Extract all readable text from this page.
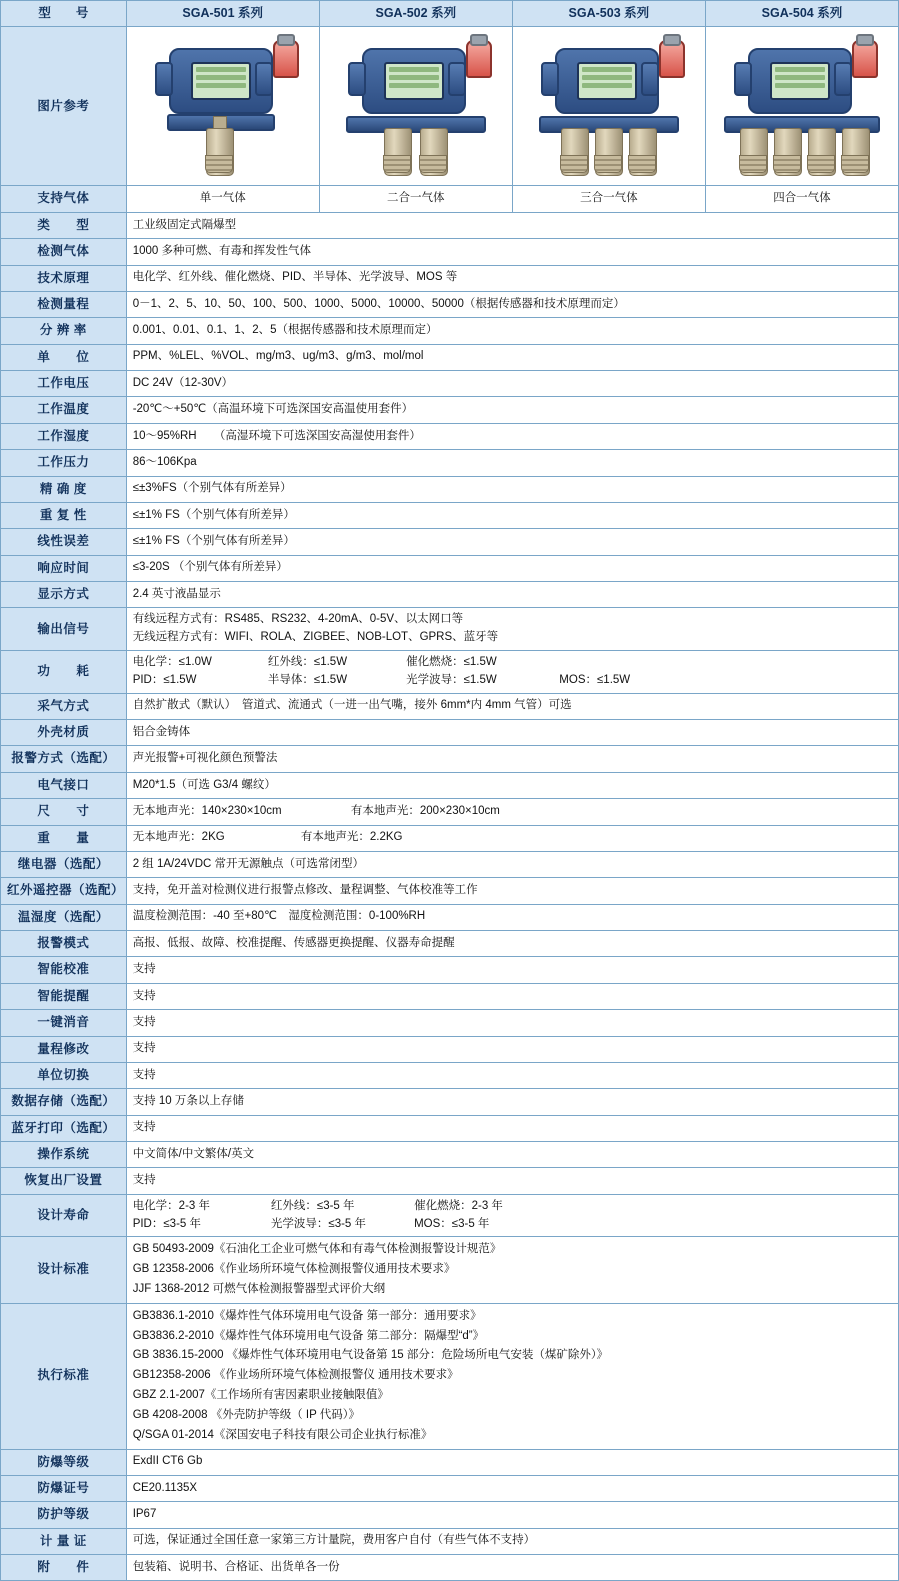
型　　号	SGA-501 系列	SGA-502 系列	SGA-503 系列	SGA-504 系列
图片参考	

支持气体	单一气体	二合一气体	三合一气体	四合一气体
类　　型	工业级固定式隔爆型			
检测气体	1000 多种可燃、有毒和挥发性气体			
技术原理	电化学、红外线、催化燃烧、PID、半导体、光学波导、MOS 等			
检测量程	0－1、2、5、10、50、100、500、1000、5000、10000、50000（根据传感器和技术原理而定）			
分 辨 率	0.001、0.01、0.1、1、2、5（根据传感器和技术原理而定）			
单　　位	PPM、%LEL、%VOL、mg/m3、ug/m3、g/m3、mol/mol			
工作电压	DC 24V（12-30V）			
工作温度	-20℃～+50℃（高温环境下可选深国安高温使用套件）			
工作湿度	10～95%RH　　（高湿环境下可选深国安高湿使用套件）			
工作压力	86～106Kpa			
精 确 度	≤±3%FS（个别气体有所差异）			
重 复 性	≤±1% FS（个别气体有所差异）			
线性误差	≤±1% FS（个别气体有所差异）			
响应时间	≤3-20S （个别气体有所差异）			
显示方式	2.4 英寸液晶显示			
输出信号	有线远程方式有：RS485、RS232、4-20mA、0-5V、以太网口等
无线远程方式有：WIFI、ROLA、ZIGBEE、NOB-LOT、GPRS、蓝牙等			

功　　耗	电化学：≤1.0W 红外线：≤1.5W 催化燃烧：≤1.5W
PID：≤1.5W 半导体：≤1.5W 光学波导：≤1.5W MOS：≤1.5W			

采气方式	自然扩散式（默认）　管道式、流通式（一进一出气嘴，接外 6mm*内 4mm 气管）可选			
外壳材质	铝合金铸体			
报警方式（选配）	声光报警+可视化颜色预警法			
电气接口	M20*1.5（可选 G3/4 螺纹）			
尺　　寸	无本地声光：140×230×10cm 有本地声光：200×230×10cm			
重　　量	无本地声光：2KG 有本地声光：2.2KG			
继电器（选配）	2 组 1A/24VDC 常开无源触点（可选常闭型）			
红外遥控器（选配）	支持，免开盖对检测仪进行报警点修改、量程调整、气体校准等工作			
温湿度（选配）	温度检测范围：-40 至+80℃　湿度检测范围：0-100%RH			
报警模式	高报、低报、故障、校准提醒、传感器更换提醒、仪器寿命提醒			
智能校准	支持			
智能提醒	支持			
一键消音	支持			
量程修改	支持			
单位切换	支持			
数据存储（选配）	支持 10 万条以上存储			
蓝牙打印（选配）	支持			
操作系统	中文简体/中文繁体/英文			
恢复出厂设置	支持			
设计寿命	电化学：2-3 年 红外线：≤3-5 年 催化燃烧：2-3 年
PID：≤3-5 年 光学波导：≤3-5 年 MOS：≤3-5 年			

设计标准	GB 50493-2009《石油化工企业可燃气体和有毒气体检测报警设计规范》
GB 12358-2006《作业场所环境气体检测报警仪通用技术要求》
JJF 1368-2012 可燃气体检测报警器型式评价大纲			

执行标准	
GB3836.1-2010《爆炸性气体环境用电气设备 第一部分：通用要求》
GB3836.2-2010《爆炸性气体环境用电气设备 第二部分：隔爆型“d”》
GB 3836.15-2000 《爆炸性气体环境用电气设备第 15 部分：危险场所电气安装（煤矿除外）》
GB12358-2006 《作业场所环境气体检测报警仪 通用技术要求》
GBZ 2.1-2007《工作场所有害因素职业接触限值》
GB 4208-2008 《外壳防护等级（ IP 代码）》
Q/SGA 01-2014《深国安电子科技有限公司企业执行标准》

防爆等级	ExdII CT6 Gb			
防爆证号	CE20.1135X			
防护等级	IP67			
计 量 证	可选，保证通过全国任意一家第三方计量院，费用客户自付（有些气体不支持）			
附　　件	包装箱、说明书、合格证、出货单各一份			
